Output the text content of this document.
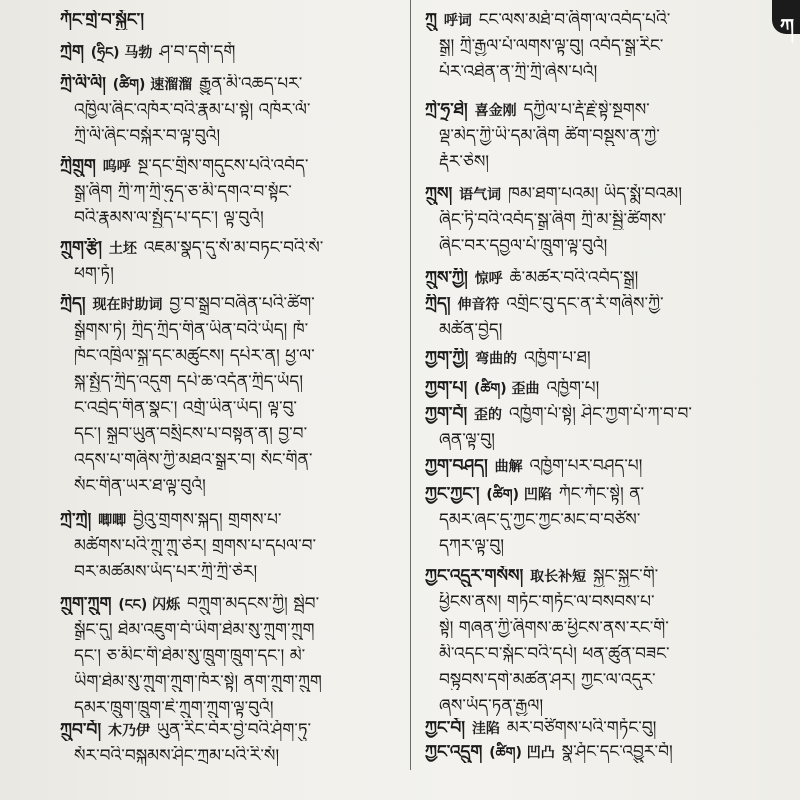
ཀ
ཀོང་གྲེ་བ་སྐྱོང་།
ཀྲེག (ཧྲིང) 马勃 ཤ་བ་དགོ་དགོ
ཀྲི་ལི་ལི། (ཚིག) 速溜溜 རྒྱུན་མི་འཆད་པར་
འཁྱིལ་ཞིང་འཁོར་བའི་རྣམ་པ་སྟེ། འཁོར་ལོ་
ཀྲི་ལི་ཞིང་བསྐོར་བ་ལྟ་བུའོ།
ཀྲིགྲུག 呜呼 སྔ་དང་གྲིས་གདུངས་པའི་འབོད་
སྒྲ་ཞིག ཀྲི་ཀ་ཀྲི་ཧུད་ཅ་མི་དགའ་བ་སྟོང་
བའི་རྣམས་ལ་སྤྱོད་པ་དང་། ལྟ་བུའོ།
ཀྲུག་རྩི། 土坯 འཇམ་སྣད་དུ་སོ་མ་བཏང་བའི་སོ་
ཕག་ཏོ།
ཀྲིད། 现在时助词 བྱ་བ་སྒྲུབ་བཞིན་པའི་ཚིག་
སྒྲོགས་ཏེ། ཀྲིད་ཀྲིད་གིན་ཡིན་བའི་ཡོད། ཁོ་
ཁོང་འཁྲིལ་སྐྲ་དང་མཚུངས། དཔེར་ན། ཕྱ་ལ་
སྐ་སྤྱོད་ཀྲིད་འདུག དཔེ་ཆ་འདོན་ཀྲིད་ཡོད།
ང་འབྲེད་གིན་སྣང་། འགྲོ་ཡིན་ཡོད། ལྟ་བུ་
དང་། སྐྲུབ་ཡུན་བསྲིངས་པ་བསྟན་ན། བྱ་བ་
འདས་པ་གཞིས་ཀྱི་མཐའ་སྒྲུར་བ། སོང་གིན་
སོང་གིན་ཡར་ཐ་ལྟ་བུའོ།
ཀྲེ་ཀྲེ། 唧唧 བྱིའུ་གྲགས་སྐད། གྲགས་པ་
མཚོགས་པའི་ཀྲུ་ཀྲུ་ཅེར། གྲགས་པ་དཔལ་བ་
བར་མཚམས་ཡོད་པར་ཀྲི་ཀྲི་ཅེར།
ཀྲུག་ཀྲུག (ངང) 闪烁 བཀྲུག་མདངས་ཀྱི། སྦེབ་
སྒྲོང་དུ། ཐེམ་འཇུག་བོ་ཡིག་ཐེམ་སུ་ཀྲུག་ཀྲུག
དང་། ཅ་མིང་གི་ཐེམ་སུ་ཁྲུག་ཁྲུག་དང་། མེ་
ཡིག་ཐེམ་སུ་ཀྲུག་ཀྲུག་ཁོར་སྟེ། ནག་ཀྲུག་ཀྲུག
དམར་ཁྲུག་ཁྲུག་ཇེ་ཀྲུག་ཀྲུག་ལྟ་བུའོ།
ཀྲུབ་བོ། 木乃伊 ཡུན་རིང་བོར་བྱེ་བའི་ཤོག་ཏུ་
སོར་བའི་བསྐམས་ཤིང་ཀྲམ་པའི་རི་སོ།
ཀྲུ 呼词 ངང་ལས་མཐོ་བ་ཞིག་ལ་འབོད་པའི་
སྒྲ། ཀྲི་རྒྱལ་པོ་ལགས་ལྟ་བུ། འབོད་སྒྲ་རིང་
པོར་འཐེན་ན་ཀྲི་ཀྲི་ཞེས་པའོ།
ཀྲེ་ཧྲ་ཐེ། 喜金刚 དཀྱིལ་པ་རྡོ་རྗེ་སྟེ་སྔགས་
ལྡ་མེད་ཀྱི་ཡི་དམ་ཞིག ཚིག་བསྡུས་ན་ཀྱེ་
རྡོར་ཅེས།
ཀྲུས། 语气词 ཁམ་ཐག་པའམ། ཡིད་སྨོ་བའམ།
ཞིང་ཏི་བའི་འབོད་སྒྲ་ཞིག ཀྲི་མ་སྦྱི་ཚིགས་
ཞིང་བར་དབྱལ་པོ་ཁྲུག་ལྟ་བུའོ།
ཀྲུས་ཀྱི། 惊呼 ཆོ་མཚར་བའི་འབོད་སྒྲ།
ཀྲིད། 伸音符 འགྲིང་བུ་དང་ན་རོ་གཞིས་ཀྱི་
མཚོན་བྱེད།
ཀྱག་ཀྱི། 弯曲的 འཁྱོག་པ་ཐ།
ཀྱག་པ། (ཚིག) 歪曲 འཁྱོག་པ།
ཀྱག་བོ། 歪的 འཁྱོག་པོ་སྟེ། ཤིང་ཀྱག་པོ་ཀ་བ་བ་
ཞན་ལྟ་བུ།
ཀྱག་བཤད། 曲解 འཁྱོག་པར་བཤད་པ།
ཀྱང་ཀྱང་། (ཚིག) 凹陷 ཀོང་ཀོང་སྟེ། ན་
དམར་ཞང་དུ་ཀྱང་ཀྱང་མང་བ་བཙོས་
དཀར་ལྟ་བུ།
ཀྱང་འདྲུར་གསོས། 取长补短 སྐྱང་སྐྱང་གི་
ཕྱིངས་ནས། གཏོང་གཏོང་ལ་བསབས་པ་
སྟེ། གཞན་ཀྱི་ཞིགས་ཆ་ཕྱིངས་ནས་རང་གི་
མི་འདང་བ་སྐོང་བའི་དཔེ། ཕན་ཚུན་བཟང་
བསྟུབས་དགེ་མཚན་ཤར། ཀྱང་ལ་འདུར་
ཞས་ཡོད་ཏན་རྒྱལ།
ཀྱང་བོ། 洼陷 མར་བཙིགས་པའི་གཏོང་བུ།
ཀྱང་འདྲུག (ཚིག) 凹凸 སྣ་ཤོང་དང་འབྱུར་བོ།
